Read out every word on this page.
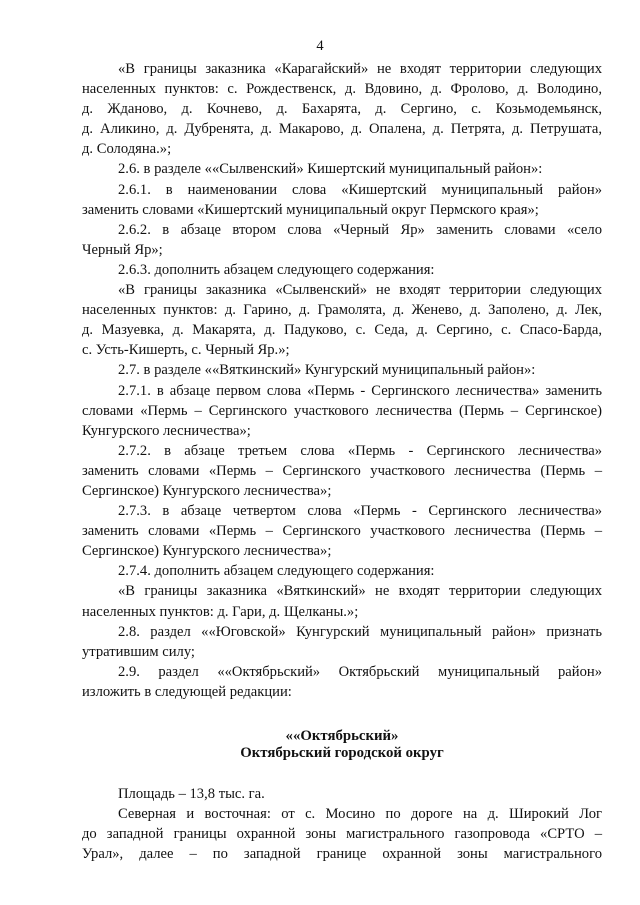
4
«В границы заказника «Карагайский» не входят территории следующих
населенных пунктов: с. Рождественск, д. Вдовино, д. Фролово, д. Володино,
д. Жданово, д. Кочнево, д. Бахарята, д. Сергино, с. Козьмодемьянск,
д. Аликино, д. Дубренята, д. Макарово, д. Опалена, д. Петрята, д. Петрушата,
д. Солодяна.»;
2.6. в разделе ««Сылвенский» Кишертский муниципальный район»:
2.6.1. в наименовании слова «Кишертский муниципальный район»
заменить словами «Кишертский муниципальный округ Пермского края»;
2.6.2. в абзаце втором слова «Черный Яр» заменить словами «село
Черный Яр»;
2.6.3. дополнить абзацем следующего содержания:
«В границы заказника «Сылвенский» не входят территории следующих
населенных пунктов: д. Гарино, д. Грамолята, д. Женево, д. Заполено, д. Лек,
д. Мазуевка, д. Макарята, д. Падуково, с. Седа, д. Сергино, с. Спасо-Барда,
с. Усть-Кишерть, с. Черный Яр.»;
2.7. в разделе ««Вяткинский» Кунгурский муниципальный район»:
2.7.1. в абзаце первом слова «Пермь - Сергинского лесничества» заменить
словами «Пермь – Сергинского участкового лесничества (Пермь – Сергинское)
Кунгурского лесничества»;
2.7.2. в абзаце третьем слова «Пермь - Сергинского лесничества»
заменить словами «Пермь – Сергинского участкового лесничества (Пермь –
Сергинское) Кунгурского лесничества»;
2.7.3. в абзаце четвертом слова «Пермь - Сергинского лесничества»
заменить словами «Пермь – Сергинского участкового лесничества (Пермь –
Сергинское) Кунгурского лесничества»;
2.7.4. дополнить абзацем следующего содержания:
«В границы заказника «Вяткинский» не входят территории следующих
населенных пунктов: д. Гари, д. Щелканы.»;
2.8. раздел ««Юговской» Кунгурский муниципальный район» признать
утратившим силу;
2.9. раздел ««Октябрьский» Октябрьский муниципальный район»
изложить в следующей редакции:
««Октябрьский»
Октябрьский городской округ

Площадь – 13,8 тыс. га.

Северная и восточная: от с. Мосино по дороге на д. Широкий Лог
до западной границы охранной зоны магистрального газопровода «СРТО –
Урал», далее – по западной границе охранной зоны магистрального
